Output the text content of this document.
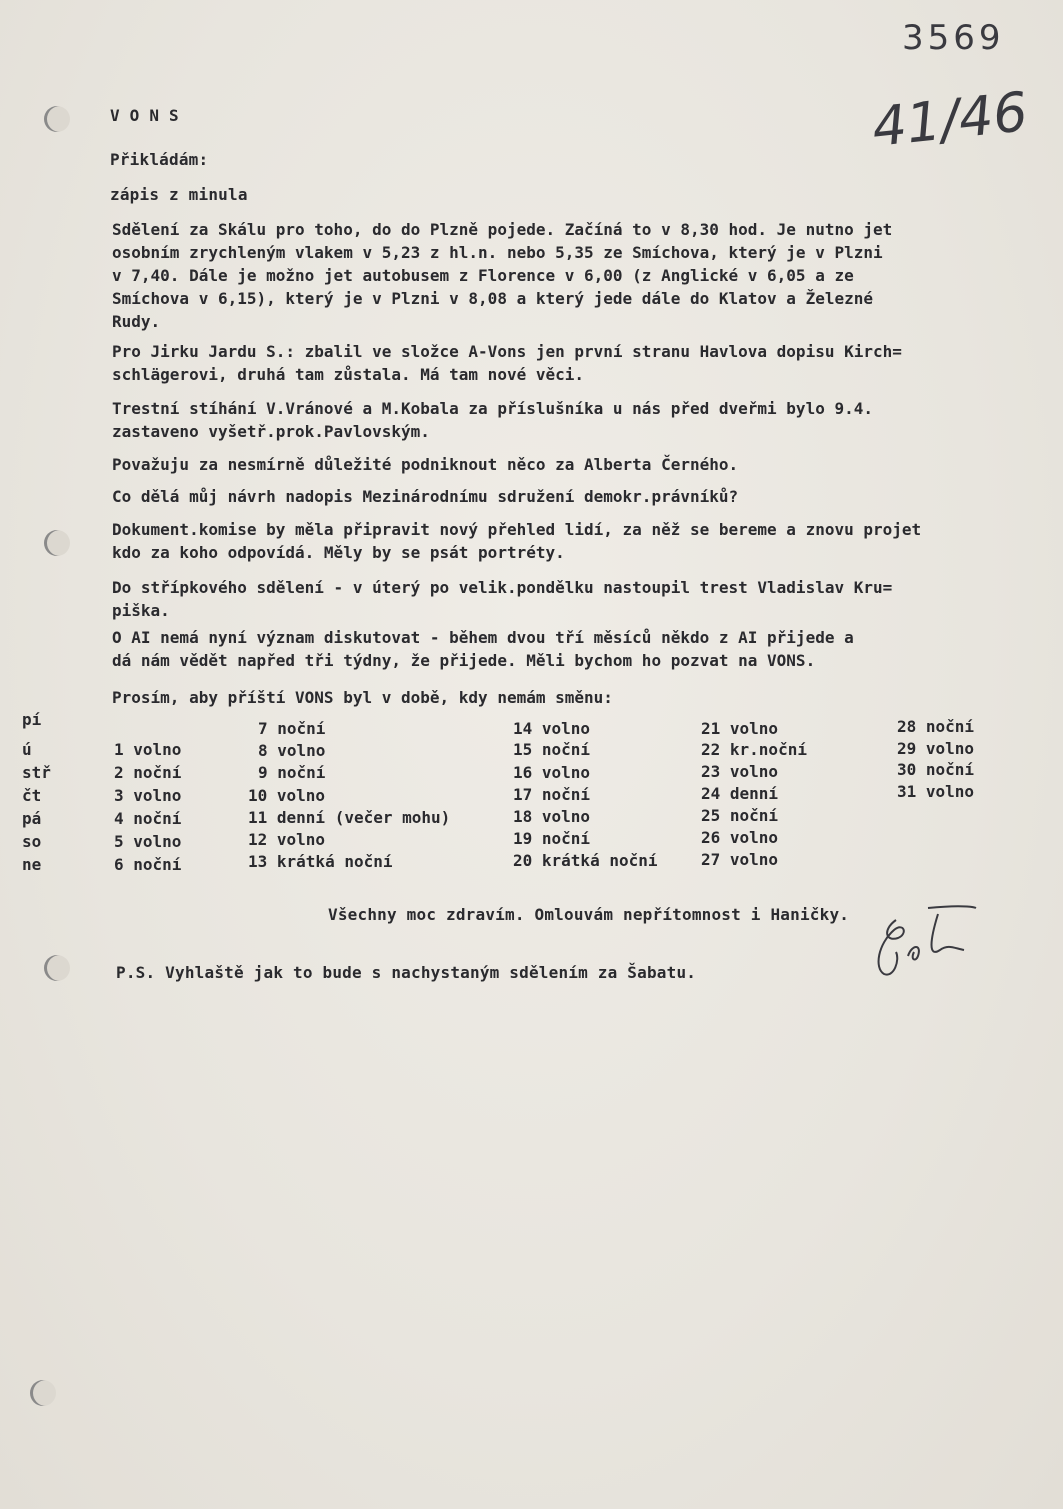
3569
41/46
V O N S
Přikládám:
zápis z minula
Sdělení za Skálu pro toho, do do Plzně pojede. Začíná to v 8,30 hod. Je nutno jet
osobním zrychleným vlakem v 5,23 z hl.n. nebo 5,35 ze Smíchova, který je v Plzni
v 7,40. Dále je možno jet autobusem z Florence v 6,00 (z Anglické v 6,05 a ze
Smíchova v 6,15), který je v Plzni v 8,08 a který jede dále do Klatov a Železné
Rudy.
Pro Jirku Jardu S.: zbalil ve složce A-Vons jen první stranu Havlova dopisu Kirch=
schlägerovi, druhá tam zůstala. Má tam nové věci.
Trestní stíhání V.Vránové a M.Kobala za příslušníka u nás před dveřmi bylo 9.4.
zastaveno vyšetř.prok.Pavlovským.
Považuju za nesmírně důležité podniknout něco za Alberta Černého.
Co dělá můj návrh nadopis Mezinárodnímu sdružení demokr.právníků?
Dokument.komise by měla připravit nový přehled lidí, za něž se bereme a znovu projet
kdo za koho odpovídá. Měly by se psát portréty.
Do střípkového sdělení - v úterý po velik.pondělku nastoupil trest Vladislav Kru=
piška.
O AI nemá nyní význam diskutovat - během dvou tří měsíců někdo z AI přijede a
dá nám vědět napřed tři týdny, že přijede. Měli bychom ho pozvat na VONS.
Prosím, aby příští VONS byl v době, kdy nemám směnu:
pí
ú
stř
čt
pá
so
ne
1 volno
2 noční
3 volno
4 noční
5 volno
6 noční
7 noční
8 volno
9 noční
10 volno
11 denní (večer mohu)
12 volno
13 krátká noční
14 volno
15 noční
16 volno
17 noční
18 volno
19 noční
20 krátká noční
21 volno
22 kr.noční
23 volno
24 denní
25 noční
26 volno
27 volno
28 noční
29 volno
30 noční
31 volno
Všechny moc zdravím. Omlouvám nepřítomnost i Haničky.
P.S. Vyhlaště jak to bude s nachystaným sdělením za Šabatu.
